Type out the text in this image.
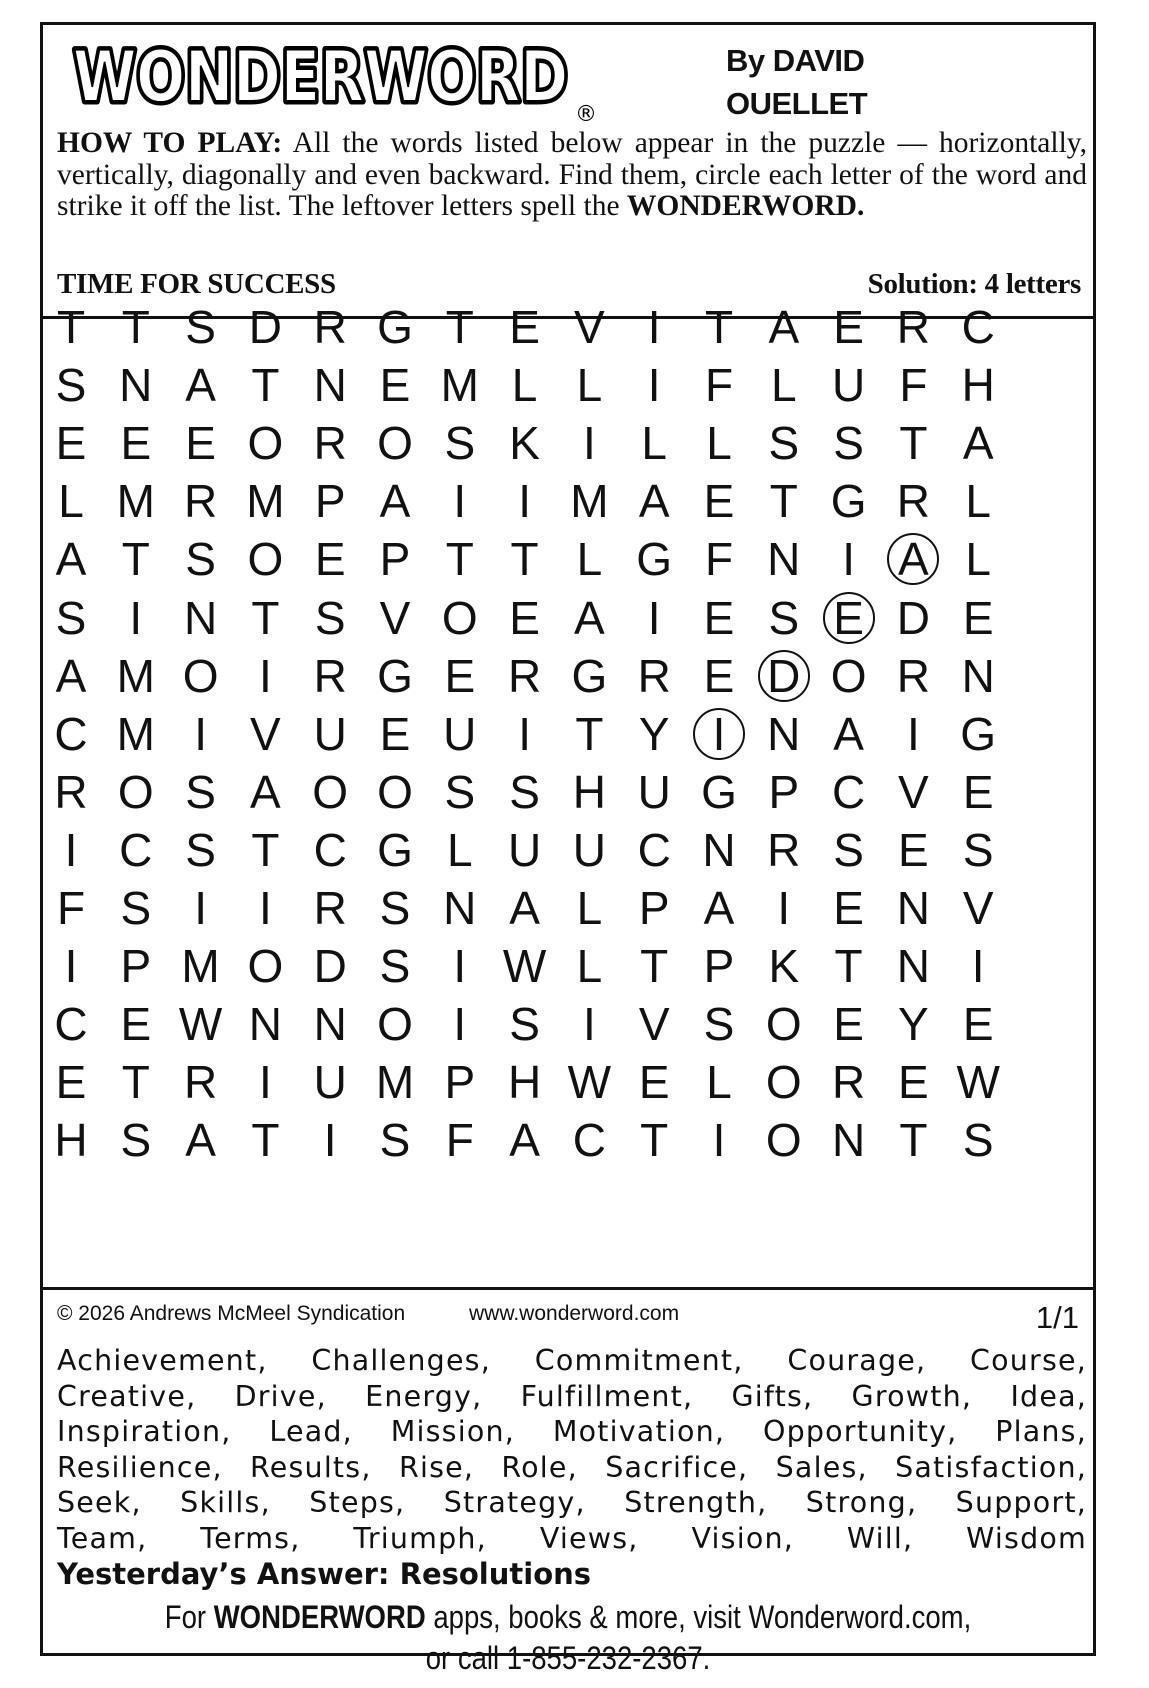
WONDERWORD
WONDERWORD ®
By DAVID
OUELLET
HOW TO PLAY: All the words listed below appear in the puzzle — horizontally, vertically, diagonally and even backward. Find them, circle each letter of the word and strike it off the list. The leftover letters spell the WONDERWORD.
TIME FOR SUCCESS	Solution: 4 letters
T T S D R G T E V I T A E R C
S N A T N E M L L I F L U F H
E E E O R O S K I L L S S T A
L M R M P A I	I M A E T G R L
A T S O E P T T L G F N I A L
S I N T S V O E A I E S E D E
A M O I R G E R G R E D O R N
C M I V U E U I T Y I N A I G
R O S A O O S S H U G P C V E
I C S T C G L U U C N R S E S
F S I	I R S N A L P A I E N V
I P M O D S I W L T P K T N I
C E W N N O I S I V S O E Y E
E T R I U M P H W E L O R E W
H S A T I S F A C T I O N T S
© 2026 Andrews McMeel Syndication	www.wonderword.com	1/1
Achievement, Challenges, Commitment, Courage, Course,
Creative, Drive, Energy, Fulfillment, Gifts, Growth, Idea,
Inspiration, Lead, Mission, Motivation, Opportunity, Plans,
Resilience, Results, Rise, Role, Sacrifice, Sales, Satisfaction,
Seek, Skills, Steps, Strategy, Strength, Strong, Support,
Team, Terms, Triumph, Views, Vision, Will, Wisdom
Yesterday’s Answer: Resolutions
For WONDERWORD apps, books & more, visit Wonderword.com,
or call 1-855-232-2367.
